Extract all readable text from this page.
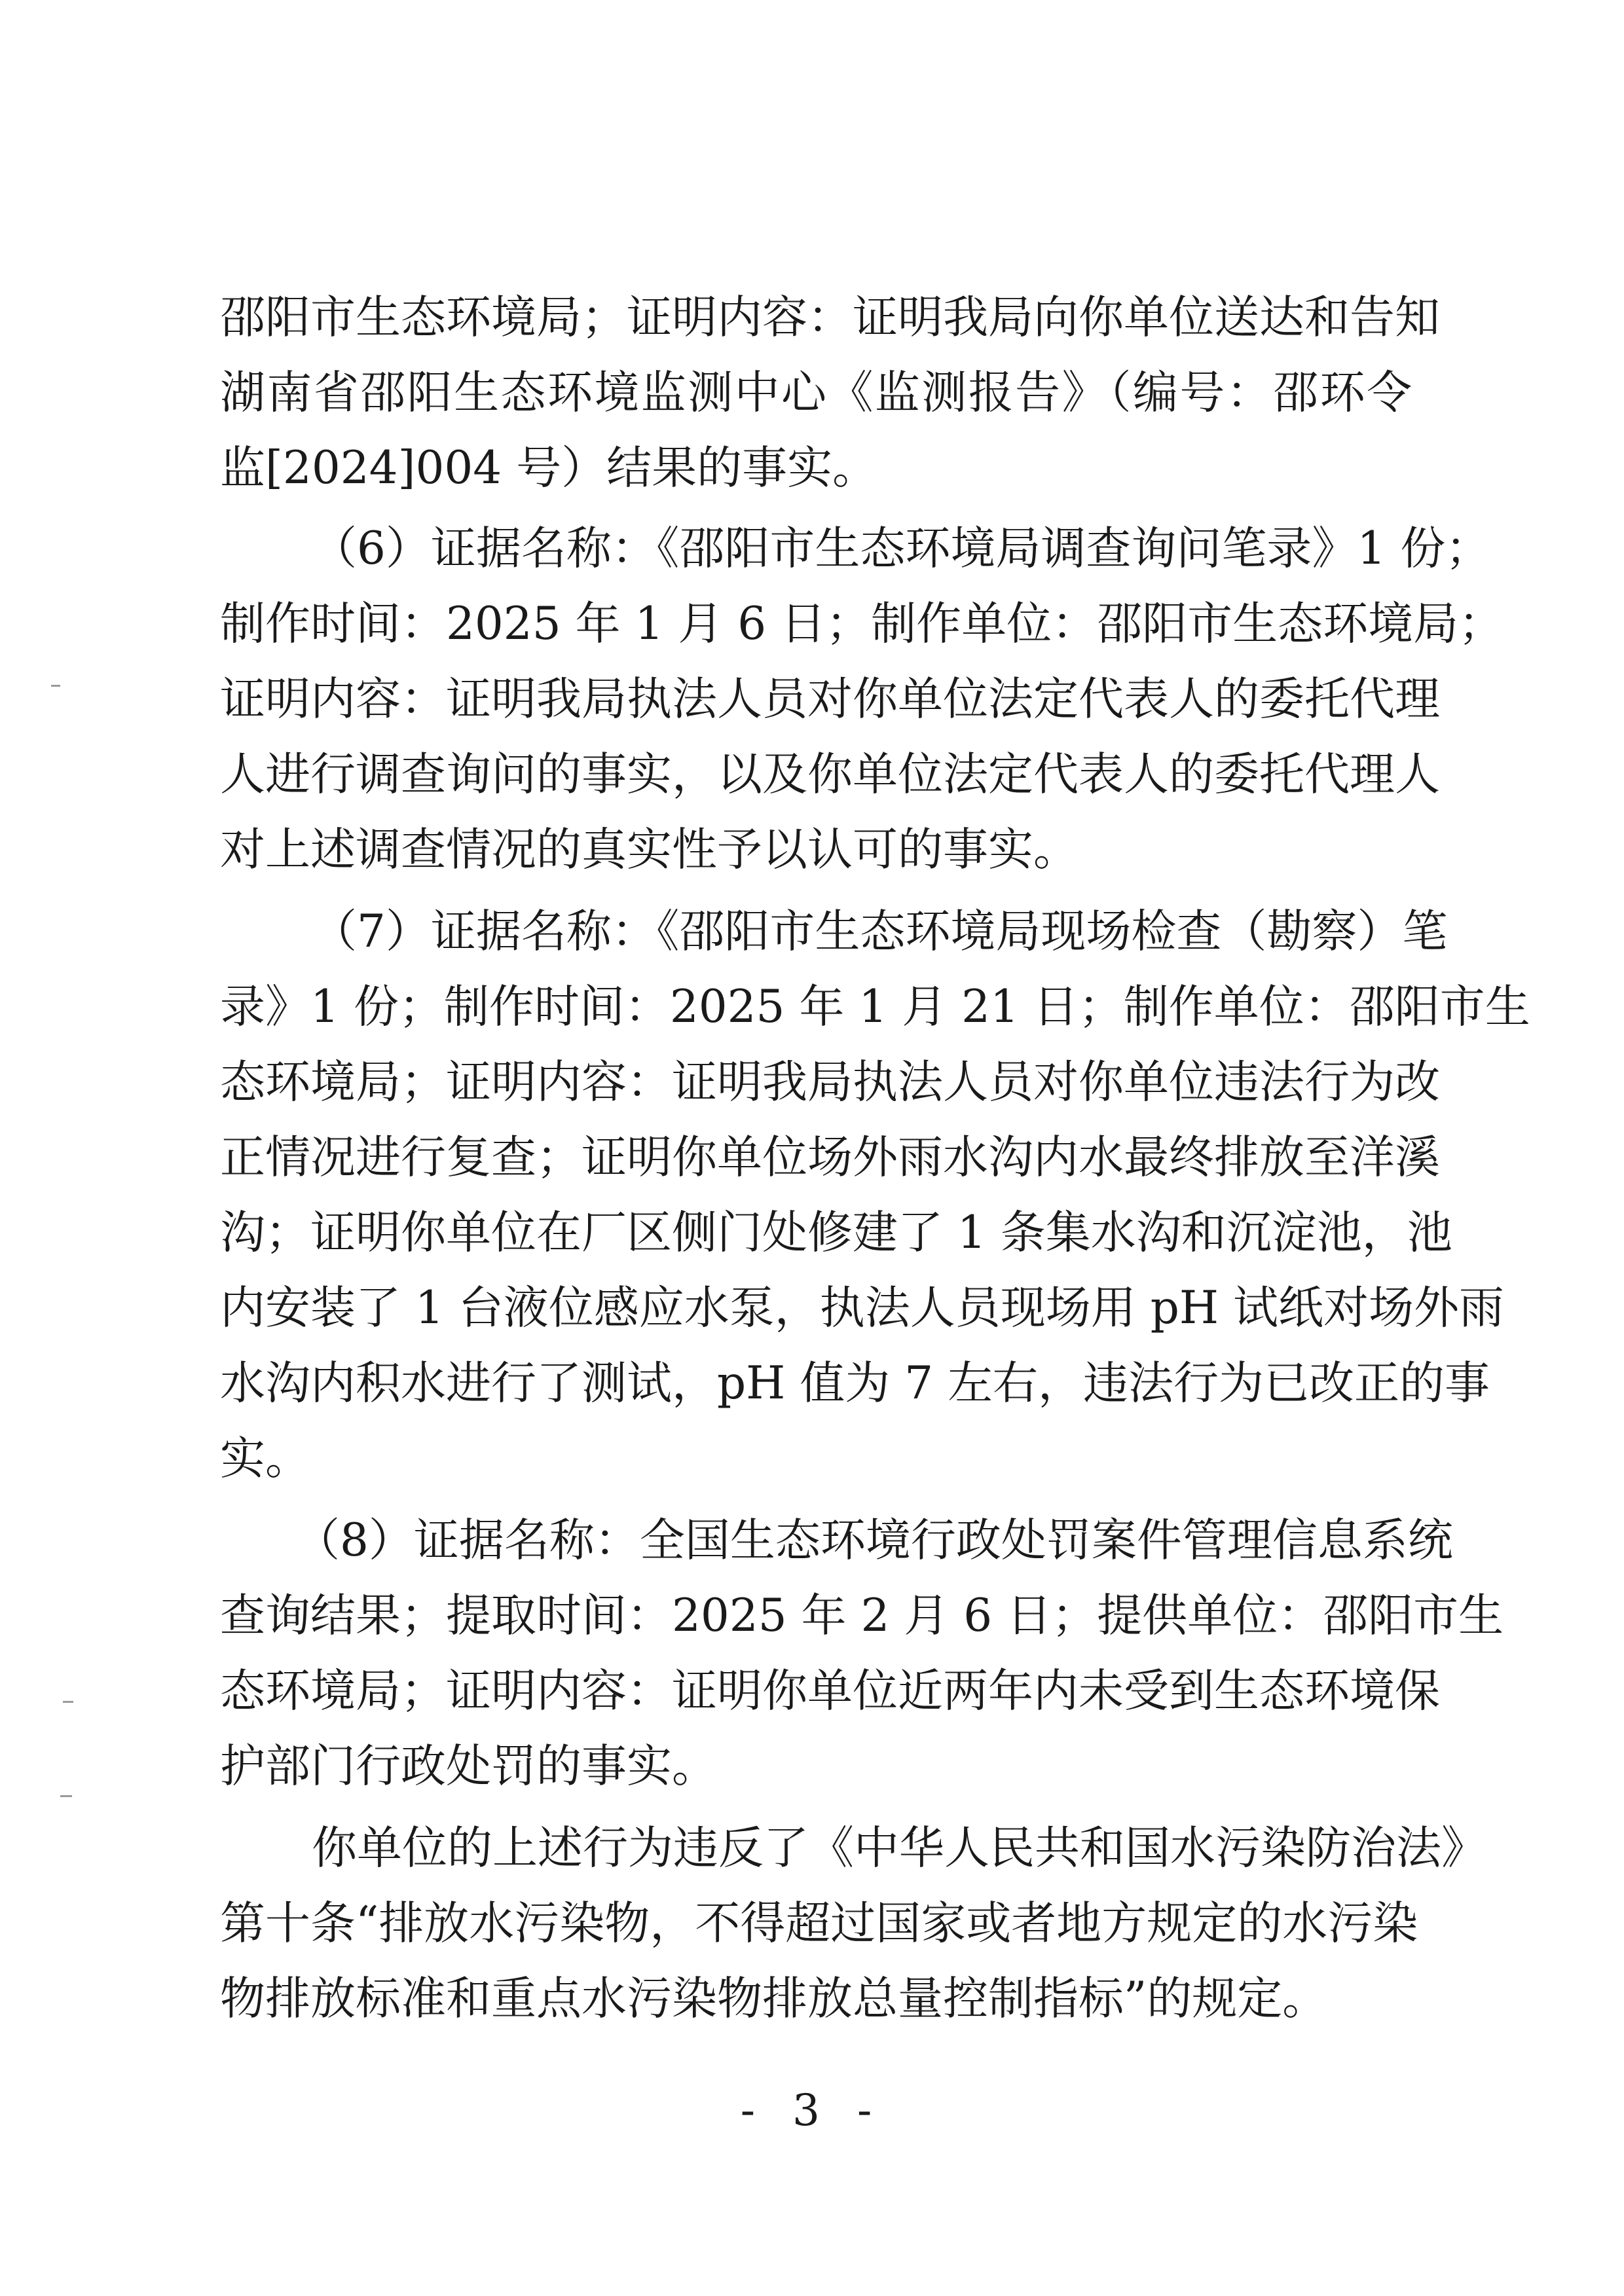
邵阳市生态环境局；证明内容：证明我局向你单位送达和告知
湖南省邵阳生态环境监测中心《监测报告》（编号：邵环令
监[2024]004 号）结果的事实。
（6）证据名称：《邵阳市生态环境局调查询问笔录》1 份；
制作时间：2025 年 1 月 6 日；制作单位：邵阳市生态环境局；
证明内容：证明我局执法人员对你单位法定代表人的委托代理
人进行调查询问的事实，以及你单位法定代表人的委托代理人
对上述调查情况的真实性予以认可的事实。
（7）证据名称：《邵阳市生态环境局现场检查（勘察）笔
录》1 份；制作时间：2025 年 1 月 21 日；制作单位：邵阳市生
态环境局；证明内容：证明我局执法人员对你单位违法行为改
正情况进行复查；证明你单位场外雨水沟内水最终排放至洋溪
沟；证明你单位在厂区侧门处修建了 1 条集水沟和沉淀池，池
内安装了 1 台液位感应水泵，执法人员现场用 pH 试纸对场外雨
水沟内积水进行了测试，pH 值为 7 左右，违法行为已改正的事
实。
（8）证据名称：全国生态环境行政处罚案件管理信息系统
查询结果；提取时间：2025 年 2 月 6 日；提供单位：邵阳市生
态环境局；证明内容：证明你单位近两年内未受到生态环境保
护部门行政处罚的事实。
你单位的上述行为违反了《中华人民共和国水污染防治法》
第十条“排放水污染物，不得超过国家或者地方规定的水污染
物排放标准和重点水污染物排放总量控制指标”的规定。
- 3 -
